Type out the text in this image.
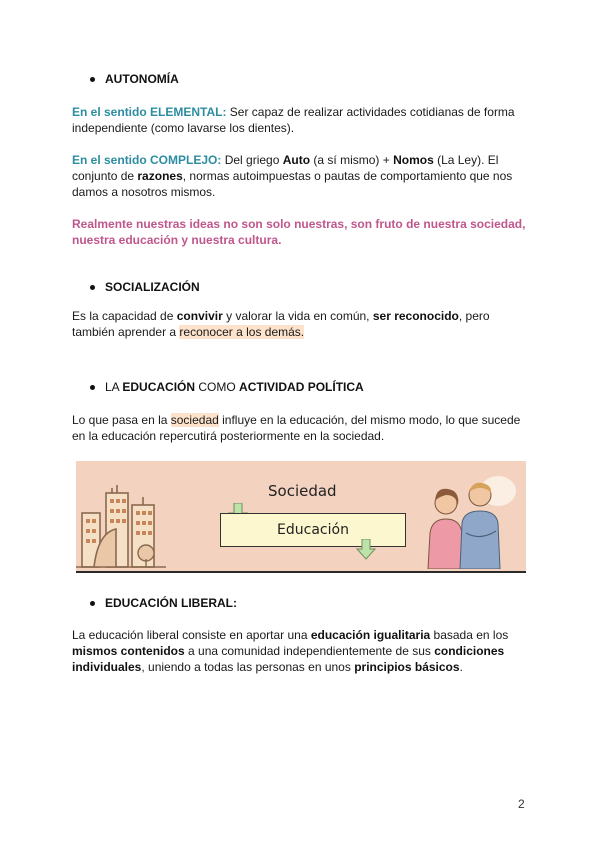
AUTONOMÍA
En el sentido ELEMENTAL: Ser capaz de realizar actividades cotidianas de forma independiente (como lavarse los dientes).
En el sentido COMPLEJO: Del griego Auto (a sí mismo) + Nomos (La Ley). El conjunto de razones, normas autoimpuestas o pautas de comportamiento que nos damos a nosotros mismos.
Realmente nuestras ideas no son solo nuestras, son fruto de nuestra sociedad, nuestra educación y nuestra cultura.
SOCIALIZACIÓN
Es la capacidad de convivir y valorar la vida en común, ser reconocido, pero también aprender a reconocer a los demás.
LA EDUCACIÓN COMO ACTIVIDAD POLÍTICA
Lo que pasa en la sociedad influye en la educación, del mismo modo, lo que sucede en la educación repercutirá posteriormente en la sociedad.
Sociedad
Educación
EDUCACIÓN LIBERAL:
La educación liberal consiste en aportar una educación igualitaria basada en los mismos contenidos a una comunidad independientemente de sus condiciones individuales, uniendo a todas las personas en unos principios básicos.
2
